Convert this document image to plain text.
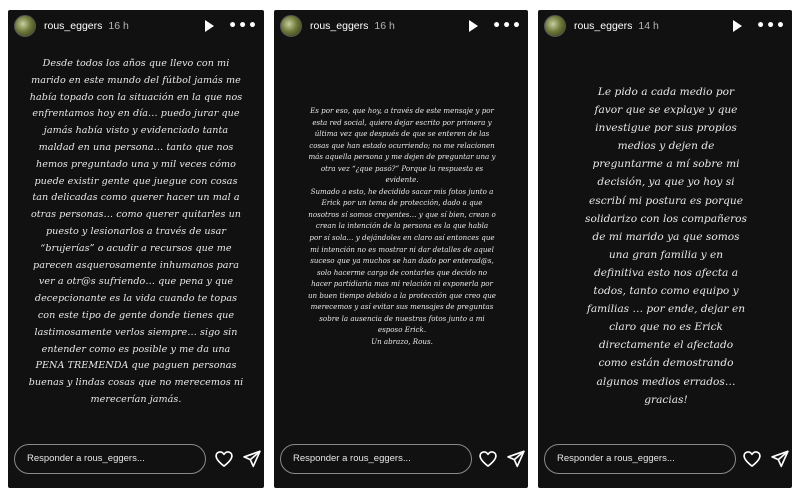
rous_eggers 16 h	•••
Desde todos los años que llevo con mi
marido en este mundo del fútbol jamás me
había topado con la situación en la que nos
enfrentamos hoy en día… puedo jurar que
jamás había visto y evidenciado tanta
maldad en una persona… tanto que nos
hemos preguntado una y mil veces cómo
puede existir gente que juegue con cosas
tan delicadas como querer hacer un mal a
otras personas… como querer quitarles un
puesto y lesionarlos a través de usar
“brujerías” o acudir a recursos que me
parecen asquerosamente inhumanos para
ver a otr@s sufriendo… que pena y que
decepcionante es la vida cuando te topas
con este tipo de gente donde tienes que
lastimosamente verlos siempre… sigo sin
entender como es posible y me da una
PENA TREMENDA que paguen personas
buenas y lindas cosas que no merecemos ni
merecerían jamás.
Responder a rous_eggers...
rous_eggers 16 h	•••
Es por eso, que hoy, a través de este mensaje y por
esta red social, quiero dejar escrito por primera y
última vez que después de que se enteren de las
cosas que han estado ocurriendo; no me relacionen
más aquella persona y me dejen de preguntar una y
otra vez “¿que pasó?” Porque la respuesta es
evidente.
Sumado a esto, he decidido sacar mis fotos junto a
Erick por un tema de protección, dado a que
nosotros sí somos creyentes… y que sí bien, crean o
crean la intención de la persona es la que habla
por sí sola… y dejándoles en claro así entonces que
mi intención no es mostrar ni dar detalles de aquel
suceso que ya muchos se han dado por enterad@s,
solo hacerme cargo de contarles que decido no
hacer partidiaria mas mi relación ni exponerla por
un buen tiempo debido a la protección que creo que
merecemos y así evitar sus mensajes de preguntas
sobre la ausencia de nuestras fotos junto a mi
esposo Erick.
Un abrazo, Rous.
Responder a rous_eggers...
rous_eggers 14 h	•••
Le pido a cada medio por
favor que se explaye y que
investigue por sus propios
medios y dejen de
preguntarme a mí sobre mi
decisión, ya que yo hoy si
escribí mi postura es porque
solidarizo con los compañeros
de mi marido ya que somos
una gran familia y en
definitiva esto nos afecta a
todos, tanto como equipo y
familias … por ende, dejar en
claro que no es Erick
directamente el afectado
como están demostrando
algunos medios errados…
gracias!
Responder a rous_eggers...
